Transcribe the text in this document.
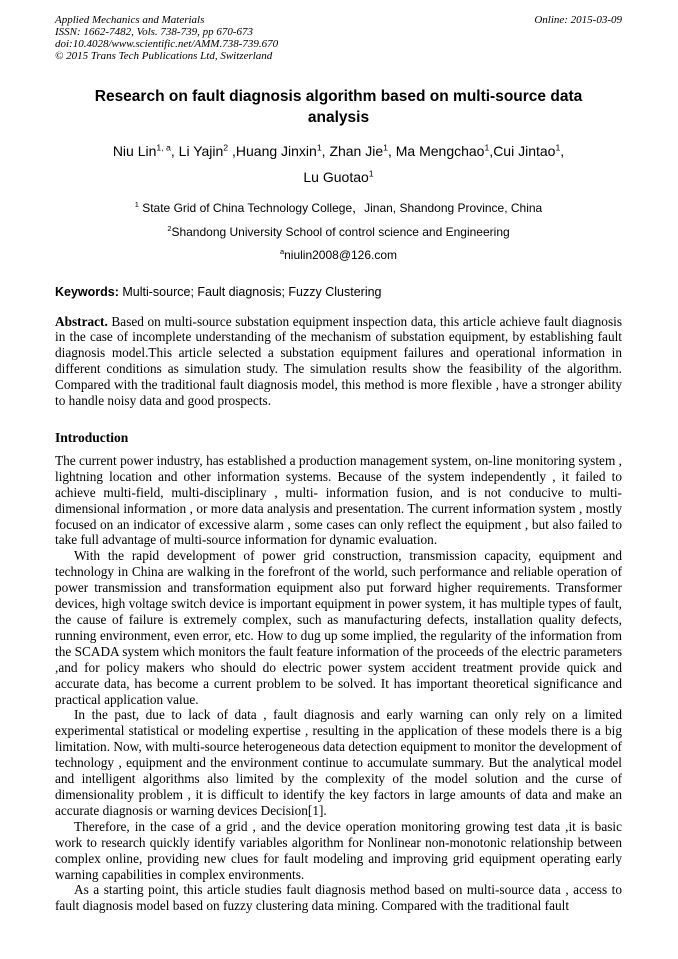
Applied Mechanics and Materials
ISSN: 1662-7482, Vols. 738-739, pp 670-673
doi:10.4028/www.scientific.net/AMM.738-739.670
© 2015 Trans Tech Publications Ltd, Switzerland
Online: 2015-03-09
Research on fault diagnosis algorithm based on multi-source data analysis
Niu Lin$^{1, a}$, Li Yajin$^2$ ,Huang Jinxin$^1$, Zhan Jie$^1$, Ma Mengchao$^1$,Cui Jintao$^1$,
Lu Guotao$^1$
$^1$ State Grid of China Technology College，Jinan, Shandong Province, China
$^2$Shandong University School of control science and Engineering
$^a$niulin2008@126.com
Keywords: Multi-source; Fault diagnosis; Fuzzy Clustering
Abstract. Based on multi-source substation equipment inspection data, this article achieve fault diagnosis in the case of incomplete understanding of the mechanism of substation equipment, by establishing fault diagnosis model.This article selected a substation equipment failures and operational information in different conditions as simulation study. The simulation results show the feasibility of the algorithm. Compared with the traditional fault diagnosis model, this method is more flexible , have a stronger ability to handle noisy data and good prospects.
Introduction

The current power industry, has established a production management system, on-line monitoring system , lightning location and other information systems. Because of the system independently , it failed to achieve multi-field, multi-disciplinary , multi- information fusion, and is not conducive to multi-dimensional information , or more data analysis and presentation. The current information system , mostly focused on an indicator of excessive alarm , some cases can only reflect the equipment , but also failed to take full advantage of multi-source information for dynamic evaluation.

With the rapid development of power grid construction, transmission capacity, equipment and technology in China are walking in the forefront of the world, such performance and reliable operation of power transmission and transformation equipment also put forward higher requirements. Transformer devices, high voltage switch device is important equipment in power system, it has multiple types of fault, the cause of failure is extremely complex, such as manufacturing defects, installation quality defects, running environment, even error, etc. How to dug up some implied, the regularity of the information from the SCADA system which monitors the fault feature information of the proceeds of the electric parameters ,and for policy makers who should do electric power system accident treatment provide quick and accurate data, has become a current problem to be solved. It has important theoretical significance and practical application value.

In the past, due to lack of data , fault diagnosis and early warning can only rely on a limited experimental statistical or modeling expertise , resulting in the application of these models there is a big limitation. Now, with multi-source heterogeneous data detection equipment to monitor the development of technology , equipment and the environment continue to accumulate summary. But the analytical model and intelligent algorithms also limited by the complexity of the model solution and the curse of dimensionality problem , it is difficult to identify the key factors in large amounts of data and make an accurate diagnosis or warning devices Decision[1].

Therefore, in the case of a grid , and the device operation monitoring growing test data ,it is basic work to research quickly identify variables algorithm for Nonlinear non-monotonic relationship between complex online, providing new clues for fault modeling and improving grid equipment operating early warning capabilities in complex environments.

As a starting point, this article studies fault diagnosis method based on multi-source data , access to fault diagnosis model based on fuzzy clustering data mining. Compared with the traditional fault
